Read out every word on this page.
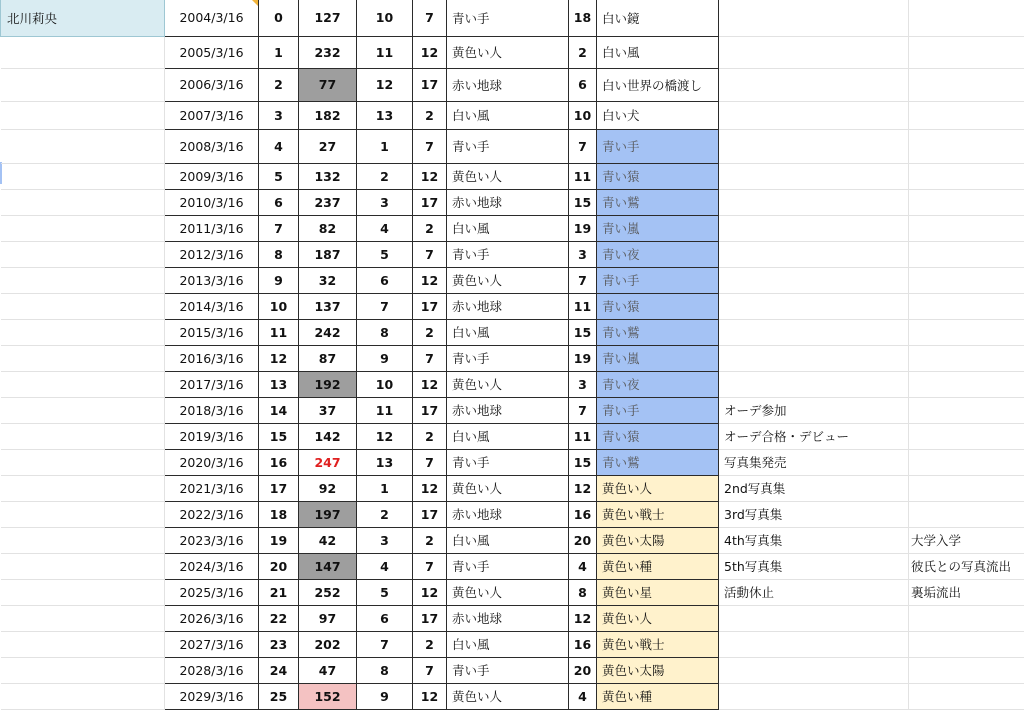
北川莉央	2004/3/16	0	127	10	7	青い手	18	白い鏡		
	2005/3/16	1	232	11	12	黄色い人	2	白い風		
	2006/3/16	2	77	12	17	赤い地球	6	白い世界の橋渡し		
	2007/3/16	3	182	13	2	白い風	10	白い犬		
	2008/3/16	4	27	1	7	青い手	7	青い手		
	2009/3/16	5	132	2	12	黄色い人	11	青い猿		
	2010/3/16	6	237	3	17	赤い地球	15	青い鷲		
	2011/3/16	7	82	4	2	白い風	19	青い嵐		
	2012/3/16	8	187	5	7	青い手	3	青い夜		
	2013/3/16	9	32	6	12	黄色い人	7	青い手		
	2014/3/16	10	137	7	17	赤い地球	11	青い猿		
	2015/3/16	11	242	8	2	白い風	15	青い鷲		
	2016/3/16	12	87	9	7	青い手	19	青い嵐		
	2017/3/16	13	192	10	12	黄色い人	3	青い夜		
	2018/3/16	14	37	11	17	赤い地球	7	青い手	オーデ参加	
	2019/3/16	15	142	12	2	白い風	11	青い猿	オーデ合格・デビュー	
	2020/3/16	16	247	13	7	青い手	15	青い鷲	写真集発売	
	2021/3/16	17	92	1	12	黄色い人	12	黄色い人	2nd写真集	
	2022/3/16	18	197	2	17	赤い地球	16	黄色い戦士	3rd写真集	
	2023/3/16	19	42	3	2	白い風	20	黄色い太陽	4th写真集	大学入学
	2024/3/16	20	147	4	7	青い手	4	黄色い種	5th写真集	彼氏との写真流出
	2025/3/16	21	252	5	12	黄色い人	8	黄色い星	活動休止	裏垢流出
	2026/3/16	22	97	6	17	赤い地球	12	黄色い人		
	2027/3/16	23	202	7	2	白い風	16	黄色い戦士		
	2028/3/16	24	47	8	7	青い手	20	黄色い太陽		
	2029/3/16	25	152	9	12	黄色い人	4	黄色い種		
